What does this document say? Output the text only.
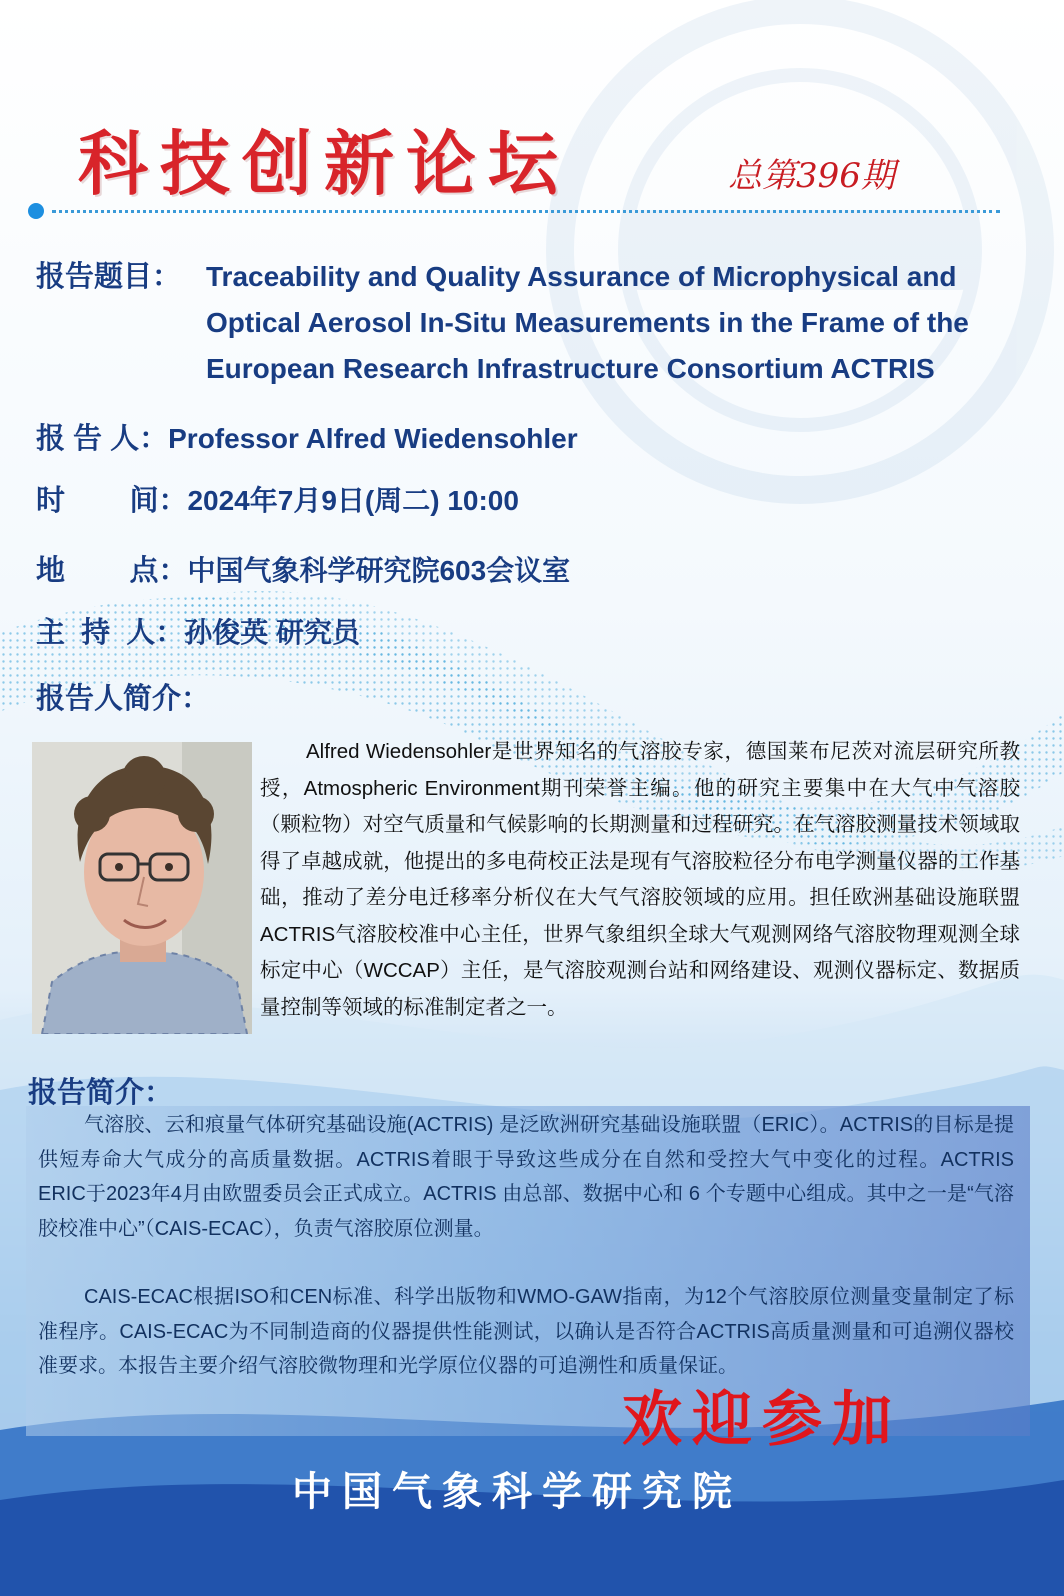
科技创新论坛	总第396期
报告题目： Traceability and Quality Assurance of Microphysical and Optical Aerosol In-Situ Measurements in the Frame of the European Research Infrastructure Consortium ACTRIS
报 告 人：Professor Alfred Wiedensohler
时        间：2024年7月9日(周二) 10:00
地        点：中国气象科学研究院603会议室
主  持  人：孙俊英 研究员
报告人简介：

Alfred Wiedensohler是世界知名的气溶胶专家，德国莱布尼茨对流层研究所教授，Atmospheric Environment期刊荣誉主编。他的研究主要集中在大气中气溶胶（颗粒物）对空气质量和气候影响的长期测量和过程研究。在气溶胶测量技术领域取得了卓越成就，他提出的多电荷校正法是现有气溶胶粒径分布电学测量仪器的工作基础，推动了差分电迁移率分析仪在大气气溶胶领域的应用。担任欧洲基础设施联盟ACTRIS气溶胶校准中心主任，世界气象组织全球大气观测网络气溶胶物理观测全球标定中心（WCCAP）主任，是气溶胶观测台站和网络建设、观测仪器标定、数据质量控制等领域的标准制定者之一。

报告简介：

气溶胶、云和痕量气体研究基础设施(ACTRIS) 是泛欧洲研究基础设施联盟（ERIC）。ACTRIS的目标是提供短寿命大气成分的高质量数据。ACTRIS着眼于导致这些成分在自然和受控大气中变化的过程。ACTRIS ERIC于2023年4月由欧盟委员会正式成立。ACTRIS 由总部、数据中心和 6 个专题中心组成。其中之一是“气溶胶校准中心”（CAIS-ECAC），负责气溶胶原位测量。

CAIS-ECAC根据ISO和CEN标准、科学出版物和WMO-GAW指南，为12个气溶胶原位测量变量制定了标准程序。CAIS-ECAC为不同制造商的仪器提供性能测试，以确认是否符合ACTRIS高质量测量和可追溯仪器校准要求。本报告主要介绍气溶胶微物理和光学原位仪器的可追溯性和质量保证。

欢迎参加
中国气象科学研究院
